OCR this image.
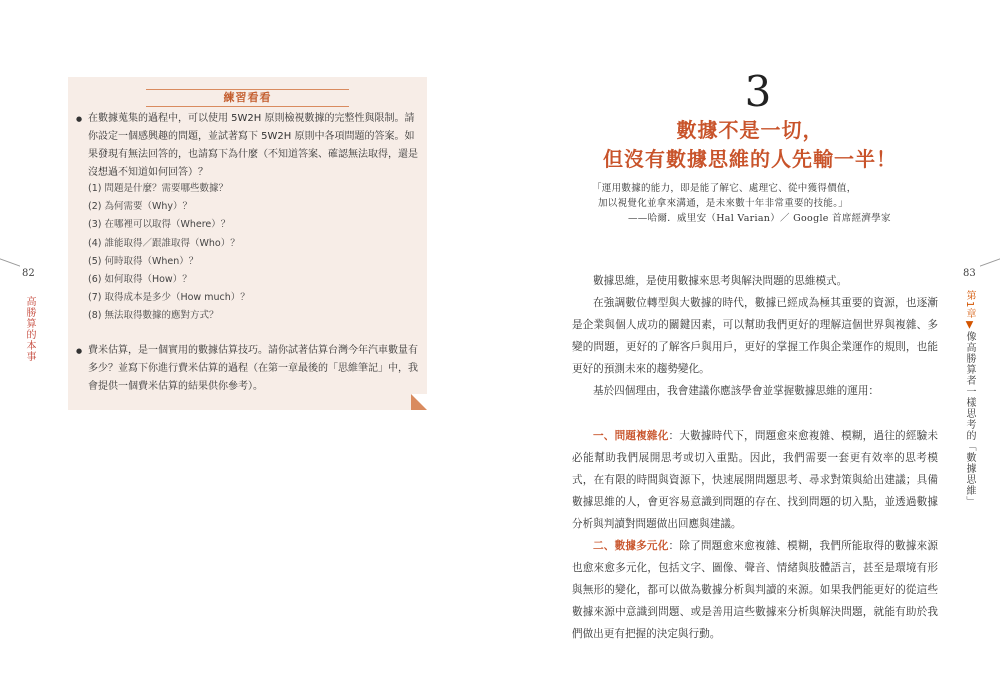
82
高勝算的本事
練習看看
● 在數據蒐集的過程中，可以使用 5W2H 原則檢視數據的完整性與限制。請你設定一個感興趣的問題，並試著寫下 5W2H 原則中各項問題的答案。如果發現有無法回答的，也請寫下為什麼（不知道答案、確認無法取得，還是沒想過不知道如何回答）？
(1) 問題是什麼？需要哪些數據？
(2) 為何需要（Why）？
(3) 在哪裡可以取得（Where）？
(4) 誰能取得／跟誰取得（Who）？
(5) 何時取得（When）？
(6) 如何取得（How）？
(7) 取得成本是多少（How much）？
(8) 無法取得數據的應對方式？
● 費米估算，是一個實用的數據估算技巧。請你試著估算台灣今年汽車數量有多少？並寫下你進行費米估算的過程（在第一章最後的「思維筆記」中，我會提供一個費米估算的結果供你參考）。
83
第1章▼像高勝算者一樣思考的「數據思維」
3
數據不是一切，
但沒有數據思維的人先輸一半！
「運用數據的能力，即是能了解它、處理它、從中獲得價值，
加以視覺化並拿來溝通，是未來數十年非常重要的技能。」
——哈爾．威里安（Hal Varian）／ Google 首席經濟學家

數據思維，是使用數據來思考與解決問題的思維模式。

在強調數位轉型與大數據的時代，數據已經成為極其重要的資源，也逐漸是企業與個人成功的關鍵因素，可以幫助我們更好的理解這個世界與複雜、多變的問題，更好的了解客戶與用戶，更好的掌握工作與企業運作的規則，也能更好的預測未來的趨勢變化。

基於四個理由，我會建議你應該學會並掌握數據思維的運用：

一、問題複雜化：大數據時代下，問題愈來愈複雜、模糊，過往的經驗未必能幫助我們展開思考或切入重點。因此，我們需要一套更有效率的思考模式，在有限的時間與資源下，快速展開問題思考、尋求對策與給出建議；具備數據思維的人，會更容易意識到問題的存在、找到問題的切入點，並透過數據分析與判讀對問題做出回應與建議。

二、數據多元化：除了問題愈來愈複雜、模糊，我們所能取得的數據來源也愈來愈多元化，包括文字、圖像、聲音、情緒與肢體語言，甚至是環境有形與無形的變化，都可以做為數據分析與判讀的來源。如果我們能更好的從這些數據來源中意識到問題、或是善用這些數據來分析與解決問題，就能有助於我們做出更有把握的決定與行動。
